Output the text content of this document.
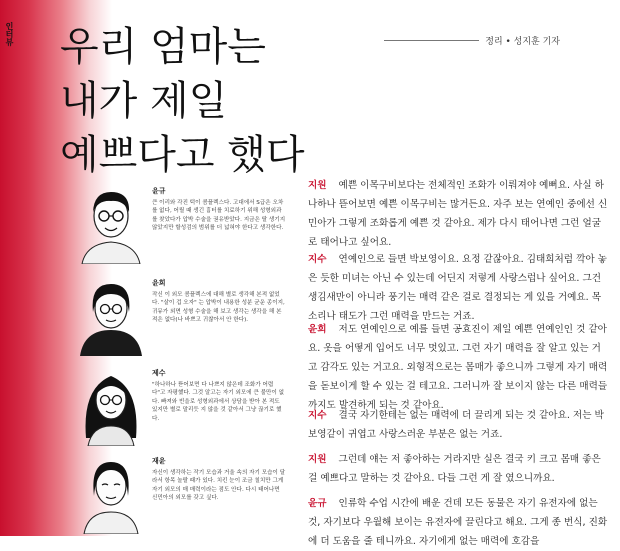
인터뷰 우리 엄마는
내가 제일
예쁘다고 했다
정리 • 성지훈 기자
윤규
큰 이리와 각진 턱이 콤플렉스다. 고대에서 S급은 오차를 없다, 어릴 때 생긴 흉터를 치료하기 위해 성형외과를 찾았다가 압박 수술을 권유받았다. 지금은 탈 생기지 않았지만 할성검의 범위를 더 넓혀야 한다고 생각한다.
윤희
작신 이 외모 콤플렉스에 대해 별로 생각해 본적 없었다. "살이 겁 오자" 는 압박이 내용한 성분 균운 종이지, 귀뮤가 외면 성형 수술을 해 보고 생각는 생각을 해 본 적은 없다(나 바쁘고 귀찮아서 안 한다).
제수
"하나하나 뜯어보면 다 나쁘지 않은데 조화가 어렵다"고 자평했다. 그것 알고는 자기 외모에 큰 불만이 없다. 빠져와 빈을로 성형외과에서 상담을 받아 본 적도 있지만 별로 말리듯 지 않을 것 같아서 그냥 끊기로 했다.
재윤
자신이 생각하는 작기 모습과 거울 속의 자기 모습이 달라서 항목 놀랄 때가 있다. 치킨 눈이 조금 칠치만 그게 자기 외모의 매 매력이라는 점도 안다. 다시 태어나면 신민아의 외모를 갖고 싶다.
지원 예쁜 이목구비보다는 전체적인 조화가 이뤄져야 예뻐요. 사실 하나하나 뜯어보면 예쁜 이목구비는 많거든요. 자주 보는 연예인 중에선 신민아가 그렇게 조화롭게 예쁜 것 같아요. 제가 다시 태어나면 그런 얼굴로 태어나고 싶어요.
지수 연예인으로 들면 박보영이요. 요정 같잖아요. 김태희처럼 깍아 놓은 듯한 미녀는 아닌 수 있는데 어딘지 저렇게 사랑스럽나 싶어요. 그건 생김새만이 아니라 풍기는 매력 같은 걸로 결정되는 게 있을 거예요. 목소리나 태도가 그런 매력을 만드는 거죠.
윤희 저도 연예인으로 예를 들면 공효진이 제일 예쁜 연예인인 것 같아요. 옷을 어떻게 입어도 너무 멋있고. 그런 자기 매력을 잘 알고 있는 거고 감각도 있는 거고요. 외형적으로는 몸매가 좋으니까 그렇게 자기 매력을 돋보이게 할 수 있는 걸 테고요. 그러니까 잘 보이지 않는 다른 매력들까지도 발견하게 되는 것 같아요.
지수 결국 자기한테는 없는 매력에 더 끌리게 되는 것 같아요. 저는 박보영같이 귀엽고 사랑스러운 부분은 없는 거죠.
지원 그런데 얘는 저 좋아하는 거라지만 실은 결국 키 크고 몸매 좋은 걸 예쁘다고 말하는 것 같아요. 다들 그런 게 잘 였으니까요.
윤규 인류학 수업 시간에 배운 건데 모든 동물은 자기 유전자에 없는 것, 자기보다 우월해 보이는 유전자에 끌린다고 해요. 그게 종 번식, 진화에 더 도움을 줄 테니까요. 자기에게 없는 매력에 호감을
